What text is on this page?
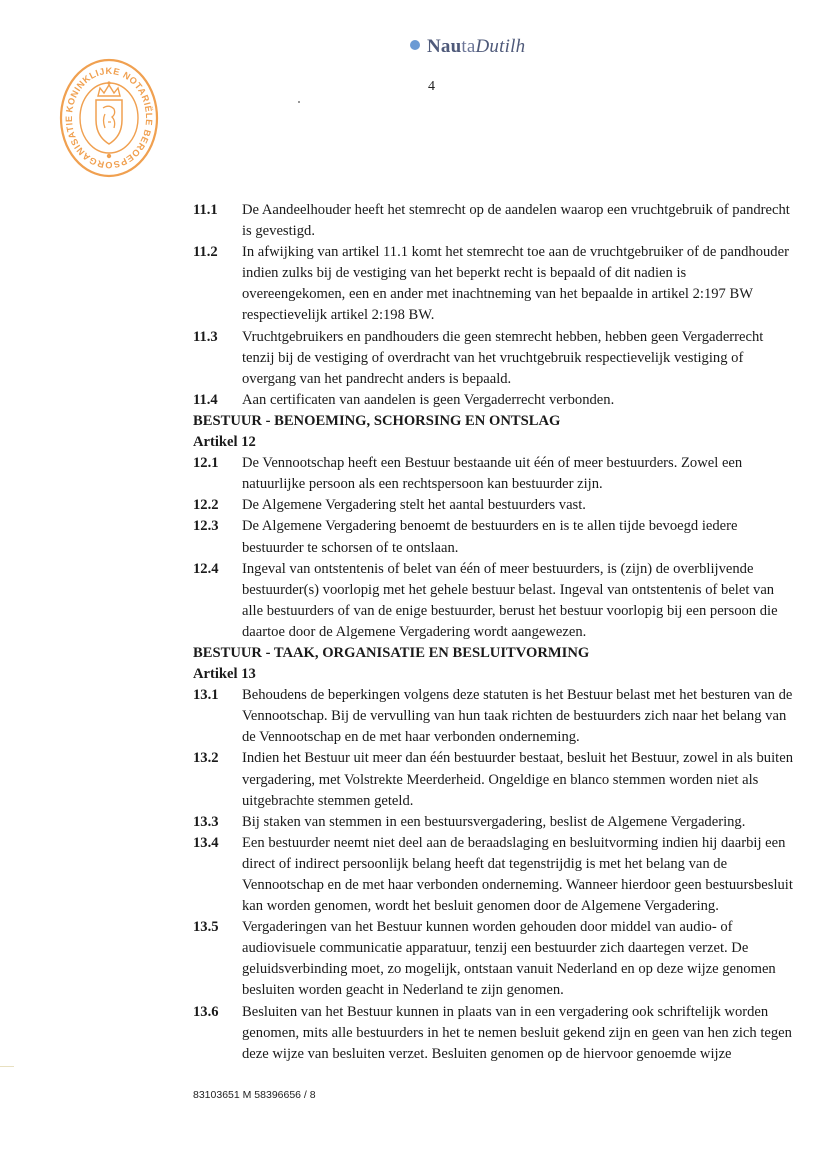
KONINKLIJKE NOTARIËLE BEROEPSORGANISATIE
NautaDutilh
4
11.1	De Aandeelhouder heeft het stemrecht op de aandelen waarop een vruchtgebruik of pandrecht is gevestigd.
11.2	In afwijking van artikel 11.1 komt het stemrecht toe aan de vruchtgebruiker of de pandhouder indien zulks bij de vestiging van het beperkt recht is bepaald of dit nadien is overeengekomen, een en ander met inachtneming van het bepaalde in artikel 2:197 BW respectievelijk artikel 2:198 BW.
11.3	Vruchtgebruikers en pandhouders die geen stemrecht hebben, hebben geen Vergaderrecht tenzij bij de vestiging of overdracht van het vruchtgebruik respectievelijk vestiging of overgang van het pandrecht anders is bepaald.
11.4	Aan certificaten van aandelen is geen Vergaderrecht verbonden.
BESTUUR - BENOEMING, SCHORSING EN ONTSLAG
Artikel 12
12.1	De Vennootschap heeft een Bestuur bestaande uit één of meer bestuurders. Zowel een natuurlijke persoon als een rechtspersoon kan bestuurder zijn.
12.2	De Algemene Vergadering stelt het aantal bestuurders vast.
12.3	De Algemene Vergadering benoemt de bestuurders en is te allen tijde bevoegd iedere bestuurder te schorsen of te ontslaan.
12.4	Ingeval van ontstentenis of belet van één of meer bestuurders, is (zijn) de overblijvende bestuurder(s) voorlopig met het gehele bestuur belast. Ingeval van ontstentenis of belet van alle bestuurders of van de enige bestuurder, berust het bestuur voorlopig bij een persoon die daartoe door de Algemene Vergadering wordt aangewezen.
BESTUUR - TAAK, ORGANISATIE EN BESLUITVORMING
Artikel 13
13.1	Behoudens de beperkingen volgens deze statuten is het Bestuur belast met het besturen van de Vennootschap. Bij de vervulling van hun taak richten de bestuurders zich naar het belang van de Vennootschap en de met haar verbonden onderneming.
13.2	Indien het Bestuur uit meer dan één bestuurder bestaat, besluit het Bestuur, zowel in als buiten vergadering, met Volstrekte Meerderheid. Ongeldige en blanco stemmen worden niet als uitgebrachte stemmen geteld.
13.3	Bij staken van stemmen in een bestuursvergadering, beslist de Algemene Vergadering.
13.4	Een bestuurder neemt niet deel aan de beraadslaging en besluitvorming indien hij daarbij een direct of indirect persoonlijk belang heeft dat tegenstrijdig is met het belang van de Vennootschap en de met haar verbonden onderneming. Wanneer hierdoor geen bestuursbesluit kan worden genomen, wordt het besluit genomen door de Algemene Vergadering.
13.5	Vergaderingen van het Bestuur kunnen worden gehouden door middel van audio- of audiovisuele communicatie apparatuur, tenzij een bestuurder zich daartegen verzet. De geluidsverbinding moet, zo mogelijk, ontstaan vanuit Nederland en op deze wijze genomen besluiten worden geacht in Nederland te zijn genomen.
13.6	Besluiten van het Bestuur kunnen in plaats van in een vergadering ook schriftelijk worden genomen, mits alle bestuurders in het te nemen besluit gekend zijn en geen van hen zich tegen deze wijze van besluiten verzet. Besluiten genomen op de hiervoor genoemde wijze
83103651 M 58396656 / 8
